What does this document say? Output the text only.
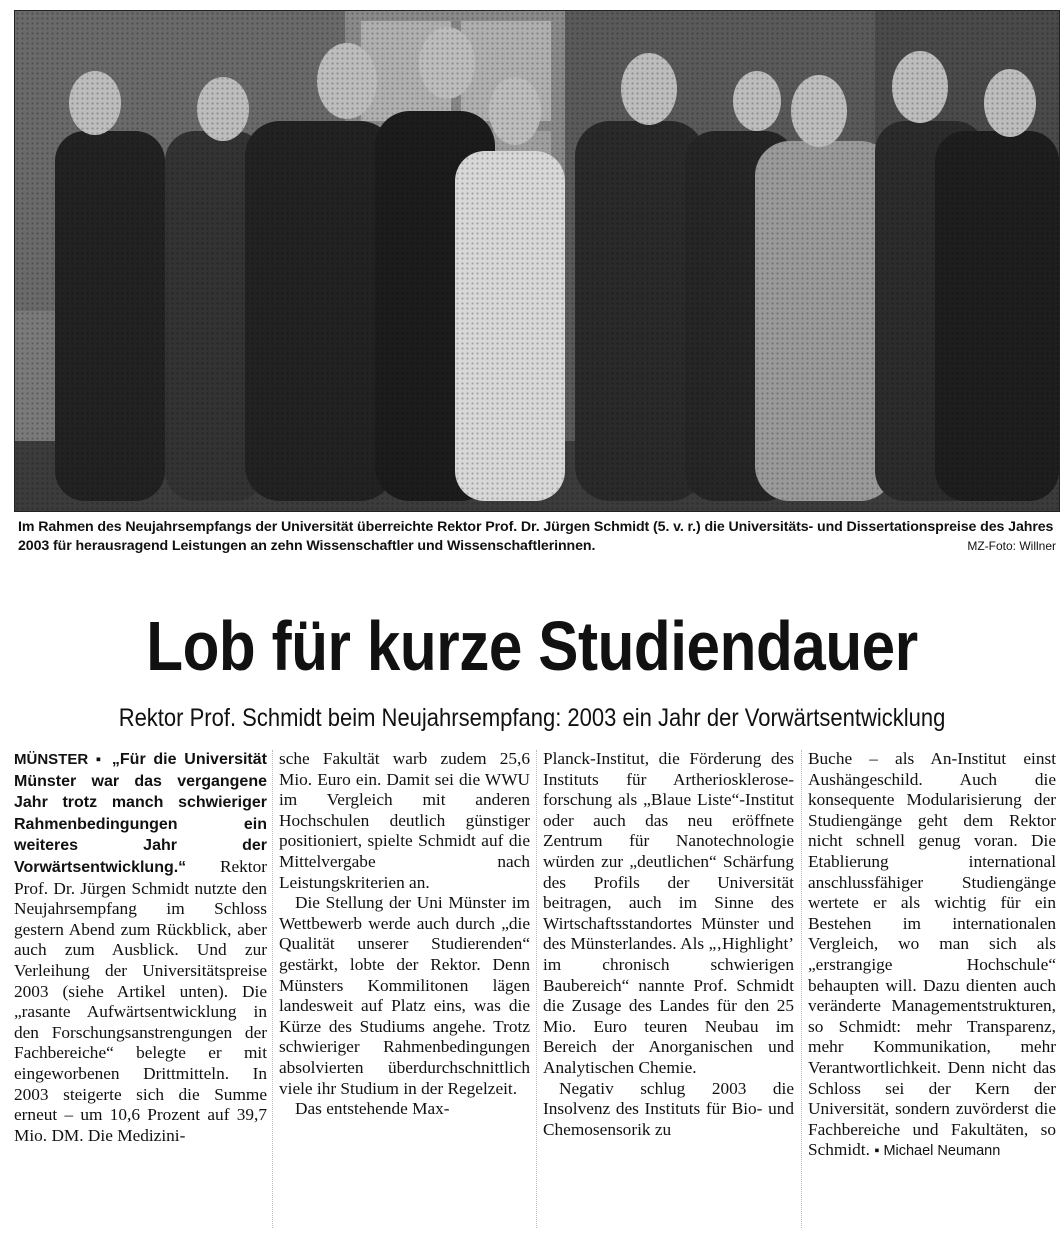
Im Rahmen des Neujahrsempfangs der Universität überreichte Rektor Prof. Dr. Jürgen Schmidt (5. v. r.) die Universitäts- und Dissertationspreise des Jahres 2003 für herausragend Leistungen an zehn Wissenschaftler und Wissenschaftlerinnen.	MZ-Foto: Willner
Lob für kurze Studiendauer
Rektor Prof. Schmidt beim Neujahrsempfang: 2003 ein Jahr der Vorwärtsentwicklung

MÜNSTER ▪ „Für die Universität Münster war das vergangene Jahr trotz manch schwieriger Rahmenbedingungen ein weiteres Jahr der Vorwärtsentwicklung.“ Rektor Prof. Dr. Jürgen Schmidt nutzte den Neujahrsempfang im Schloss gestern Abend zum Rückblick, aber auch zum Ausblick. Und zur Verleihung der Universitätspreise 2003 (siehe Artikel unten). Die „rasante Aufwärtsentwicklung in den Forschungsanstrengungen der Fachbereiche“ belegte er mit eingeworbenen Drittmitteln. In 2003 steigerte sich die Summe erneut – um 10,6 Prozent auf 39,7 Mio. DM. Die Medizini-

sche Fakultät warb zudem 25,6 Mio. Euro ein. Damit sei die WWU im Vergleich mit anderen Hochschulen deutlich günstiger positioniert, spielte Schmidt auf die Mittelvergabe nach Leistungskriterien an.

Die Stellung der Uni Münster im Wettbewerb werde auch durch „die Qualität unserer Studierenden“ gestärkt, lobte der Rektor. Denn Münsters Kommilitonen lägen landesweit auf Platz eins, was die Kürze des Studiums angehe. Trotz schwieriger Rahmenbedingungen absolvierten überdurchschnittlich viele ihr Studium in der Regelzeit.

Das entstehende Max-

Planck-Institut, die Förderung des Instituts für Artherioskleroseforschung als „Blaue Liste“-Institut oder auch das neu eröffnete Zentrum für Nanotechnologie würden zur „deutlichen“ Schärfung des Profils der Universität beitragen, auch im Sinne des Wirtschaftsstandortes Münster und des Münsterlandes. Als „‚Highlight’ im chronisch schwierigen Baubereich“ nannte Prof. Schmidt die Zusage des Landes für den 25 Mio. Euro teuren Neubau im Bereich der Anorganischen und Analytischen Chemie.

Negativ schlug 2003 die Insolvenz des Instituts für Bio- und Chemosensorik zu

Buche – als An-Institut einst Aushängeschild. Auch die konsequente Modularisierung der Studiengänge geht dem Rektor nicht schnell genug voran. Die Etablierung international anschlussfähiger Studiengänge wertete er als wichtig für ein Bestehen im internationalen Vergleich, wo man sich als „erstrangige Hochschule“ behaupten will. Dazu dienten auch veränderte Managementstrukturen, so Schmidt: mehr Transparenz, mehr Kommunikation, mehr Verantwortlichkeit. Denn nicht das Schloss sei der Kern der Universität, sondern zuvörderst die Fachbereiche und Fakultäten, so Schmidt. ▪ Michael Neumann
